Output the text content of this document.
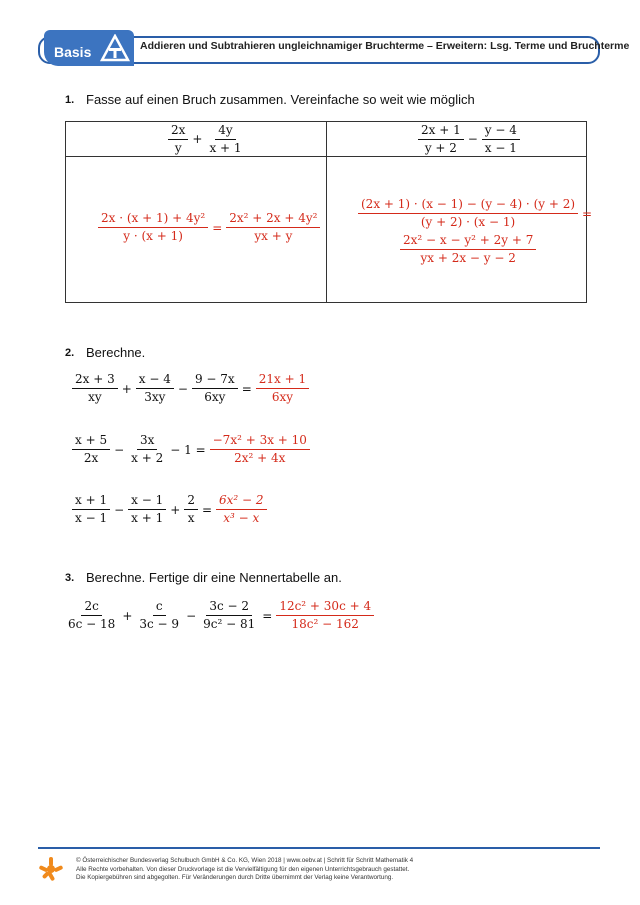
Basis	Addieren und Subtrahieren ungleichnamiger Bruchterme – Erweitern: Lsg. Terme und Bruchterme
1. Fasse auf einen Bruch zusammen. Vereinfache so weit wie möglich
$\frac{2x}{y} + \frac{4y}{x + 1}$	$\frac{2x + 1}{y + 2} - \frac{y - 4}{x - 1}$
$\frac{\text{2x · (x + 1) + 4y²}}{y \cdot (x + 1)} = \frac{\text{2x² + 2x + 4y²}}{yx + y}$	$\frac{(2x + 1) \cdot (x - 1) - (y - 4) \cdot (y + 2)}{(y + 2) \cdot (x - 1)}$ =
$\frac{\text{2x² − x − y² + 2y + 7}}{yx + 2x - y - 2}$
2. Berechne.
$\frac{2x + 3}{xy} + \frac{x - 4}{3xy} - \frac{9 - 7x}{6xy} = \frac{21x + 1}{6xy}$
$\frac{x + 5}{2x} - \frac{3x}{x + 2} - 1 = \frac{\text{−7x² + 3x + 10}}{\text{2x² + 4x}}$
$\frac{x + 1}{x - 1} - \frac{x - 1}{x + 1} + \frac{2}{x} = \frac{\text{6x² − 2}}{\text{x³ − x}}$
3. Berechne. Fertige dir eine Nennertabelle an.
$\frac{2c}{6c - 18} + \frac{c}{3c - 9} - \frac{3c - 2}{\text{9c² − 81}} = \frac{\text{12c² + 30c + 4}}{\text{18c² − 162}}$
© Österreichischer Bundesverlag Schulbuch GmbH & Co. KG, Wien 2018 | www.oebv.at | Schritt für Schritt Mathematik 4
Alle Rechte vorbehalten. Von dieser Druckvorlage ist die Vervielfältigung für den eigenen Unterrichtsgebrauch gestattet.
Die Kopiergebühren sind abgegolten. Für Veränderungen durch Dritte übernimmt der Verlag keine Verantwortung.
